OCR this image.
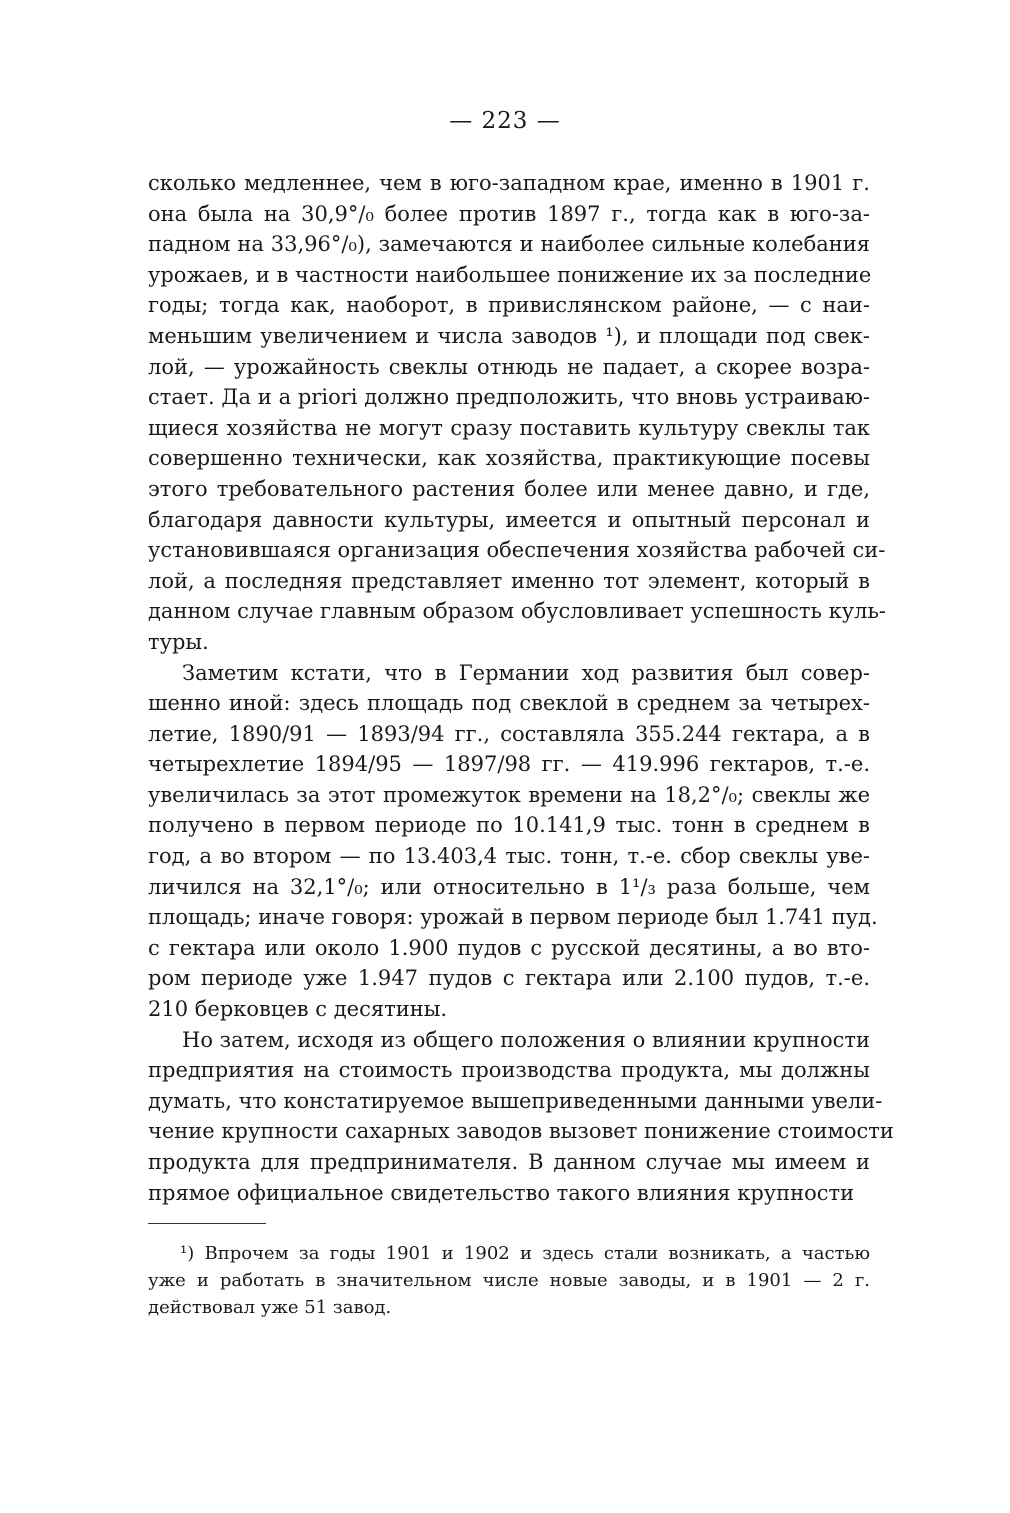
— 223 —

сколько медленнее, чем в юго-западном крае, именно в 1901 г.
она была на 30,9°/₀ более против 1897 г., тогда как в юго-за-
падном на 33,96°/₀), замечаются и наиболее сильные колебания
урожаев, и в частности наибольшее понижение их за последние
годы; тогда как, наоборот, в привислянском районе, — с наи-
меньшим увеличением и числа заводов ¹), и площади под свек-
лой, — урожайность свеклы отнюдь не падает, а скорее возра-
стает. Да и a priori должно предположить, что вновь устраиваю-
щиеся хозяйства не могут сразу поставить культуру свеклы так
совершенно технически, как хозяйства, практикующие посевы
этого требовательного растения более или менее давно, и где,
благодаря давности культуры, имеется и опытный персонал и
установившаяся организация обеспечения хозяйства рабочей си-
лой, а последняя представляет именно тот элемент, который в
данном случае главным образом обусловливает успешность куль-
туры.

Заметим кстати, что в Германии ход развития был совер-
шенно иной: здесь площадь под свеклой в среднем за четырех-
летие, 1890/91 — 1893/94 гг., составляла 355.244 гектара, а в
четырехлетие 1894/95 — 1897/98 гг. — 419.996 гектаров, т.-е.
увеличилась за этот промежуток времени на 18,2°/₀; свеклы же
получено в первом периоде по 10.141,9 тыс. тонн в среднем в
год, а во втором — по 13.403,4 тыс. тонн, т.-е. сбор свеклы уве-
личился на 32,1°/₀; или относительно в 1¹/₃ раза больше, чем
площадь; иначе говоря: урожай в первом периоде был 1.741 пуд.
с гектара или около 1.900 пудов с русской десятины, а во вто-
ром периоде уже 1.947 пудов с гектара или 2.100 пудов, т.-е.
210 берковцев с десятины.

Но затем, исходя из общего положения о влиянии крупности
предприятия на стоимость производства продукта, мы должны
думать, что констатируемое вышеприведенными данными увели-
чение крупности сахарных заводов вызовет понижение стоимости
продукта для предпринимателя. В данном случае мы имеем и
прямое официальное свидетельство такого влияния крупности

¹) Впрочем за годы 1901 и 1902 и здесь стали возникать, а частью
уже и работать в значительном числе новые заводы, и в 1901 — 2 г.
действовал уже 51 завод.
